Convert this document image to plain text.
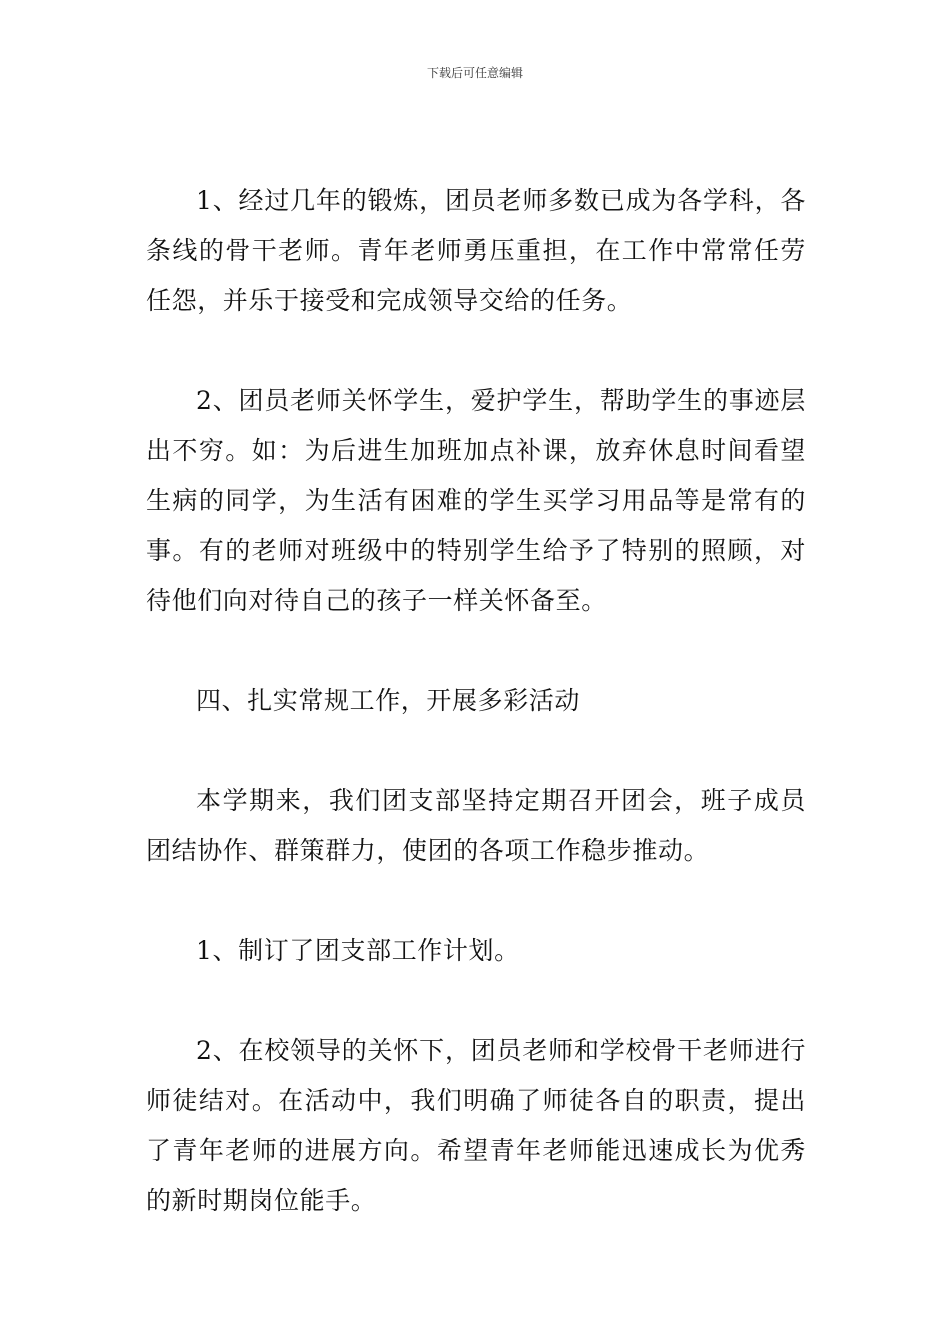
下载后可任意编辑

1、经过几年的锻炼，团员老师多数已成为各学科，各条线的骨干老师。青年老师勇压重担，在工作中常常任劳任怨，并乐于接受和完成领导交给的任务。

2、团员老师关怀学生，爱护学生，帮助学生的事迹层出不穷。如：为后进生加班加点补课，放弃休息时间看望生病的同学，为生活有困难的学生买学习用品等是常有的事。有的老师对班级中的特别学生给予了特别的照顾，对待他们向对待自己的孩子一样关怀备至。

四、扎实常规工作，开展多彩活动

本学期来，我们团支部坚持定期召开团会，班子成员团结协作、群策群力，使团的各项工作稳步推动。

1、制订了团支部工作计划。

2、在校领导的关怀下，团员老师和学校骨干老师进行师徒结对。在活动中，我们明确了师徒各自的职责，提出了青年老师的进展方向。希望青年老师能迅速成长为优秀的新时期岗位能手。
